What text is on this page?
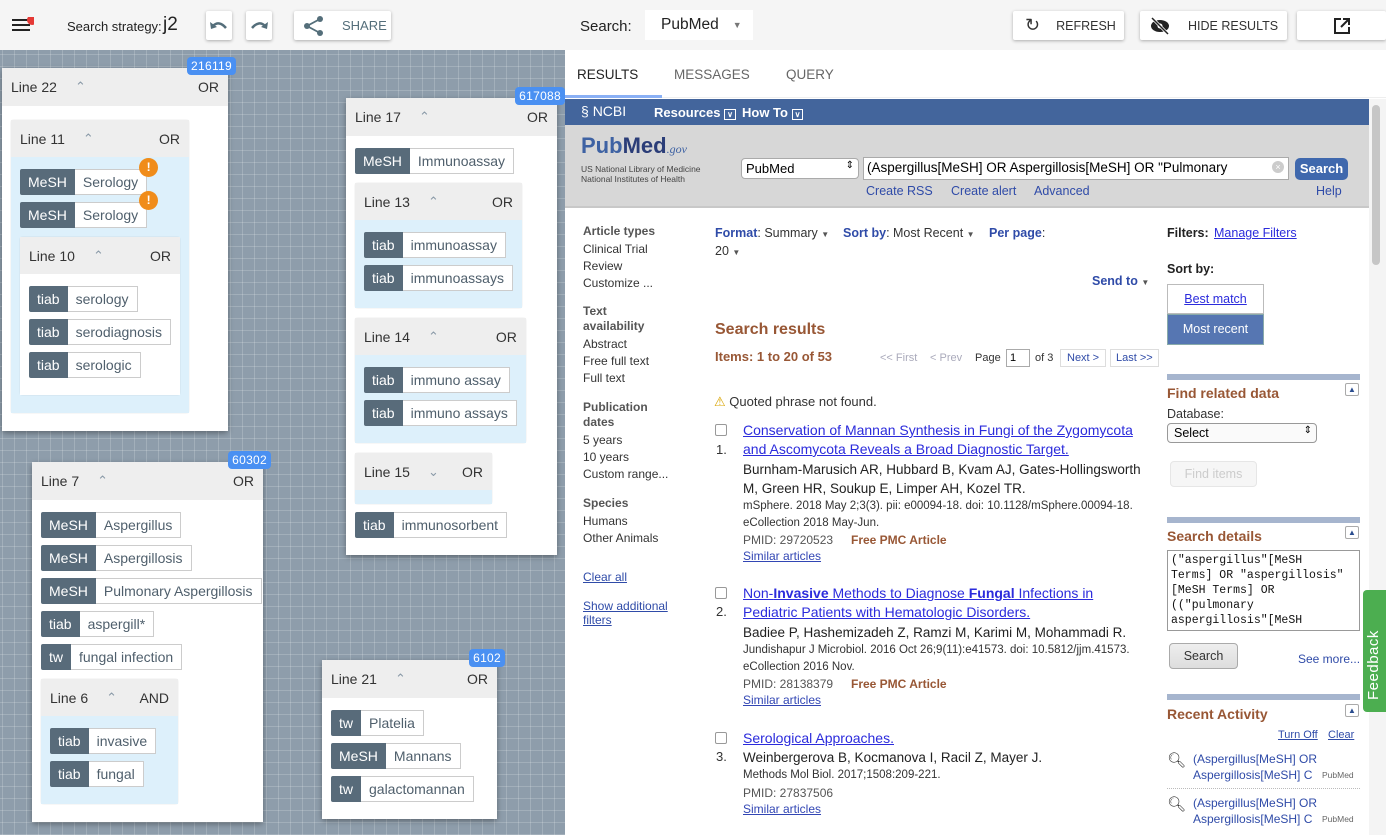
Search strategy: j2	SHARE
216119
Line 22 ⌃	OR
Line 11 ⌃	OR
MeSH	Serology
!
MeSH	Serology
!
Line 10 ⌃	OR
tiab	serology
tiab	serodiagnosis
tiab	serologic
617088
Line 17 ⌃	OR
MeSH	Immunoassay
Line 13 ⌃	OR
tiab	immunoassay
tiab	immunoassays
Line 14 ⌃	OR
tiab	immuno assay
tiab	immuno assays
Line 15 ⌄	OR
tiab	immunosorbent
60302
Line 7 ⌃	OR
MeSH	Aspergillus
MeSH	Aspergillosis
MeSH	Pulmonary Aspergillosis
tiab	aspergill*
tw	fungal infection
Line 6 ⌃	AND
tiab	invasive
tiab	fungal
6102
Line 21 ⌃	OR
tw	Platelia
MeSH	Mannans
tw	galactomannan
Search: PubMed ▼	↻ REFRESH	HIDE RESULTS
RESULTS	MESSAGES	QUERY
§ NCBI Resources ∨ How To ∨
PubMed.gov
US National Library of Medicine
National Institutes of Health
PubMed	⇕ (Aspergillus[MeSH] OR Aspergillosis[MeSH] OR "Pulmonary	×	Search
Create RSS Create alert Advanced	Help
Article types
Clinical Trial
Review
Customize ...
Text availability
Abstract
Free full text
Full text
Publication dates
5 years
10 years
Custom range...
Species
Humans
Other Animals
Clear all
Show additional filters
Format: Summary ▼ Sort by: Most Recent ▼ Per page:
20 ▼
Send to ▼
Search results
Items: 1 to 20 of 53	<< First < Prev Page 1	of 3	Next >	Last >>
⚠ Quoted phrase not found.
1.
Conservation of Mannan Synthesis in Fungi of the Zygomycota and Ascomycota Reveals a Broad Diagnostic Target.
Burnham-Marusich AR, Hubbard B, Kvam AJ, Gates-Hollingsworth M, Green HR, Soukup E, Limper AH, Kozel TR.
mSphere. 2018 May 2;3(3). pii: e00094-18. doi: 10.1128/mSphere.00094-18. eCollection 2018 May-Jun.
PMID: 29720523 Free PMC Article
Similar articles
2.
Non-Invasive Methods to Diagnose Fungal Infections in Pediatric Patients with Hematologic Disorders.
Badiee P, Hashemizadeh Z, Ramzi M, Karimi M, Mohammadi R.
Jundishapur J Microbiol. 2016 Oct 26;9(11):e41573. doi: 10.5812/jjm.41573. eCollection 2016 Nov.
PMID: 28138379 Free PMC Article
Similar articles
3.
Serological Approaches.
Weinbergerova B, Kocmanova I, Racil Z, Mayer J.
Methods Mol Biol. 2017;1508:209-221.
PMID: 27837506
Similar articles
Filters: Manage Filters
Sort by:
Best match
Most recent
Find related data	▲
Database:
Select	⇕
Find items
Search details	▲
("aspergillus"[MeSH Terms] OR "aspergillosis"[MeSH Terms] OR (("pulmonary aspergillosis"[MeSH
Search	See more...
Recent Activity	▲
Turn Off Clear
🔍︎ (Aspergillus[MeSH] OR
Aspergillosis[MeSH] C PubMed
🔍︎ (Aspergillus[MeSH] OR
Aspergillosis[MeSH] C PubMed
Feedback
